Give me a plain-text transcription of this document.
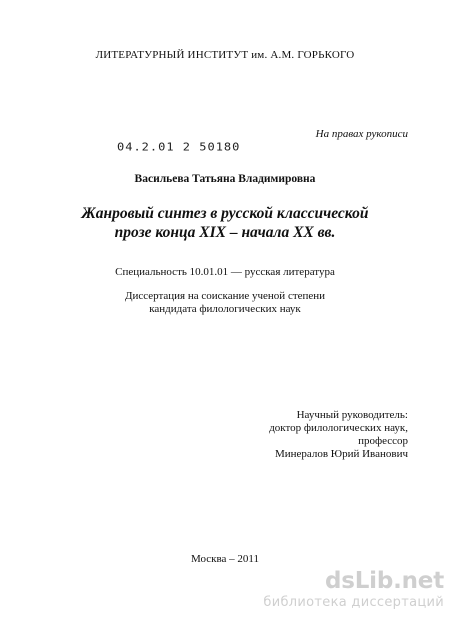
ЛИТЕРАТУРНЫЙ ИНСТИТУТ им. А.М. ГОРЬКОГО
На правах рукописи
04.2.01 2 50180
Васильева Татьяна Владимировна
Жанровый синтез в русской классической
прозе конца XIX – начала XX вв.
Специальность 10.01.01 — русская литература
Диссертация на соискание ученой степени
кандидата филологических наук
Научный руководитель:
доктор филологических наук,
профессор
Минералов Юрий Иванович
Москва – 2011
dsLib.net
библиотека диссертаций
